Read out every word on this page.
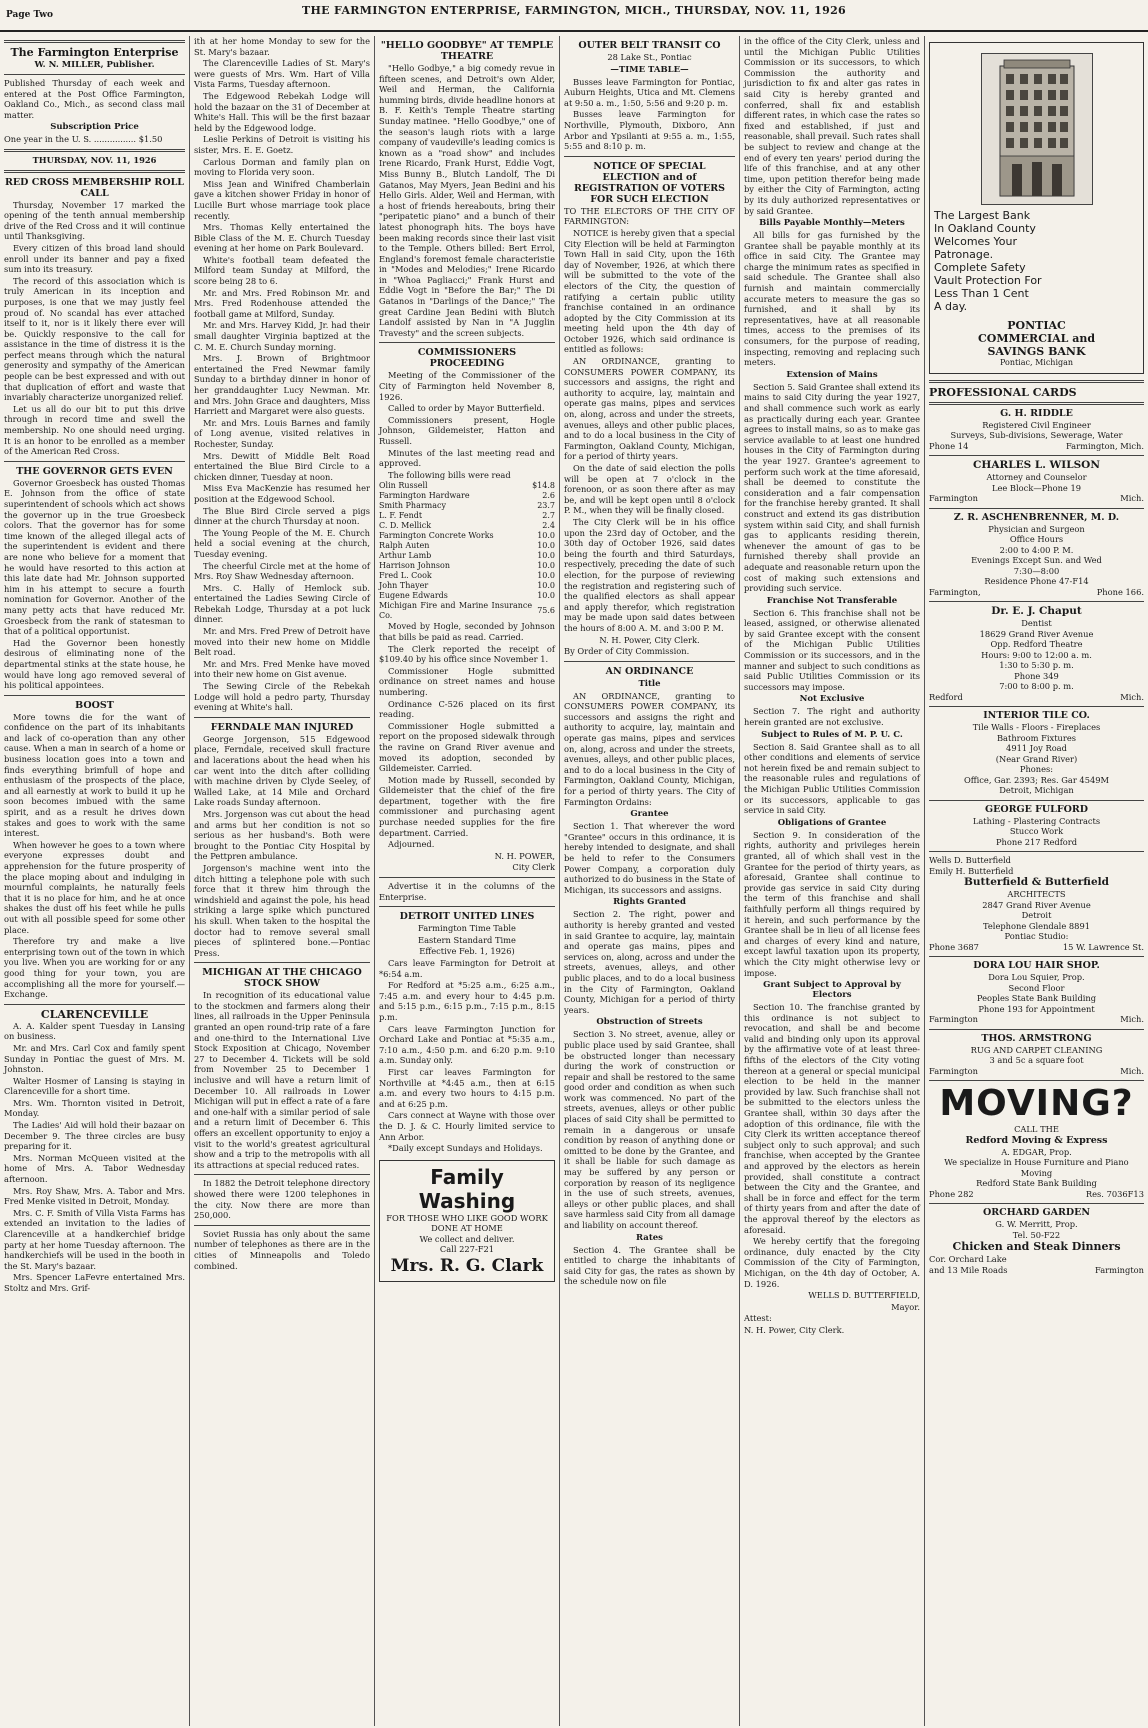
Page Two	THE FARMINGTON ENTERPRISE, FARMINGTON, MICH., THURSDAY, NOV. 11, 1926
The Farmington Enterprise
W. N. MILLER, Publisher.

Published Thursday of each week and entered at the Post Office Farmington, Oakland Co., Mich., as second class mail matter.

Subscription Price

One year in the U. S. ................ $1.50

THURSDAY, NOV. 11, 1926

RED CROSS MEMBERSHIP ROLL CALL

Thursday, November 17 marked the opening of the tenth annual membership drive of the Red Cross and it will continue until Thanksgiving.

Every citizen of this broad land should enroll under its banner and pay a fixed sum into its treasury.

The record of this association which is truly American in its inception and purposes, is one that we may justly feel proud of. No scandal has ever attached itself to it, nor is it likely there ever will be. Quickly responsive to the call for assistance in the time of distress it is the perfect means through which the natural generosity and sympathy of the American people can be best expressed and with out that duplication of effort and waste that invariably characterize unorganized relief.

Let us all do our bit to put this drive through in record time and swell the membership. No one should need urging. It is an honor to be enrolled as a member of the American Red Cross.

THE GOVERNOR GETS EVEN

Governor Groesbeck has ousted Thomas E. Johnson from the office of state superintendent of schools which act shows the governor up in the true Groesbeck colors. That the governor has for some time known of the alleged illegal acts of the superintendent is evident and there are none who believe for a moment that he would have resorted to this action at this late date had Mr. Johnson supported him in his attempt to secure a fourth nomination for Governor. Another of the many petty acts that have reduced Mr. Groesbeck from the rank of statesman to that of a political opportunist.

Had the Governor been honestly desirous of eliminating none of the departmental stinks at the state house, he would have long ago removed several of his political appointees.

BOOST

More towns die for the want of confidence on the part of its inhabitants and lack of co-operation than any other cause. When a man in search of a home or business location goes into a town and finds everything brimfull of hope and enthusiasm of the prospects of the place, and all earnestly at work to build it up he soon becomes imbued with the same spirit, and as a result he drives down stakes and goes to work with the same interest.

When however he goes to a town where everyone expresses doubt and apprehension for the future prosperity of the place moping about and indulging in mournful complaints, he naturally feels that it is no place for him, and he at once shakes the dust off his feet while he pulls out with all possible speed for some other place.

Therefore try and make a live enterprising town out of the town in which you live. When you are working for or any good thing for your town, you are accomplishing all the more for yourself.—Exchange.

CLARENCEVILLE

A. A. Kalder spent Tuesday in Lansing on business.

Mr. and Mrs. Carl Cox and family spent Sunday in Pontiac the guest of Mrs. M. Johnston.

Walter Hosmer of Lansing is staying in Clarenceville for a short time.

Mrs. Wm. Thornton visited in Detroit, Monday.

The Ladies' Aid will hold their bazaar on December 9. The three circles are busy preparing for it.

Mrs. Norman McQueen visited at the home of Mrs. A. Tabor Wednesday afternoon.

Mrs. Roy Shaw, Mrs. A. Tabor and Mrs. Fred Menke visited in Detroit, Monday.

Mrs. C. F. Smith of Villa Vista Farms has extended an invitation to the ladies of Clarenceville at a handkerchief bridge party at her home Tuesday afternoon. The handkerchiefs will be used in the booth in the St. Mary's bazaar.

Mrs. Spencer LaFevre entertained Mrs. Stoltz and Mrs. Grif-

ith at her home Monday to sew for the St. Mary's bazaar.

The Clarenceville Ladies of St. Mary's were guests of Mrs. Wm. Hart of Villa Vista Farms, Tuesday afternoon.

The Edgewood Rebekah Lodge will hold the bazaar on the 31 of December at White's Hall. This will be the first bazaar held by the Edgewood lodge.

Leslie Perkins of Detroit is visiting his sister, Mrs. E. E. Goetz.

Carlous Dorman and family plan on moving to Florida very soon.

Miss Jean and Winifred Chamberlain gave a kitchen shower Friday in honor of Lucille Burt whose marriage took place recently.

Mrs. Thomas Kelly entertained the Bible Class of the M. E. Church Tuesday evening at her home on Park Boulevard.

White's football team defeated the Milford team Sunday at Milford, the score being 28 to 6.

Mr. and Mrs. Fred Robinson Mr. and Mrs. Fred Rodenhouse attended the football game at Milford, Sunday.

Mr. and Mrs. Harvey Kidd, Jr. had their small daughter Virginia baptized at the C. M. E. Church Sunday morning.

Mrs. J. Brown of Brightmoor entertained the Fred Newmar family Sunday to a birthday dinner in honor of her granddaughter Lucy Newman. Mr. and Mrs. John Grace and daughters, Miss Harriett and Margaret were also guests.

Mr. and Mrs. Louis Barnes and family of Long avenue, visited relatives in Rochester, Sunday.

Mrs. Dewitt of Middle Belt Road entertained the Blue Bird Circle to a chicken dinner, Tuesday at noon.

Miss Eva MacKenzie has resumed her position at the Edgewood School.

The Blue Bird Circle served a pigs dinner at the church Thursday at noon.

The Young People of the M. E. Church held a social evening at the church, Tuesday evening.

The cheerful Circle met at the home of Mrs. Roy Shaw Wednesday afternoon.

Mrs. C. Hally of Hemlock sub. entertained the Ladies Sewing Circle of Rebekah Lodge, Thursday at a pot luck dinner.

Mr. and Mrs. Fred Prew of Detroit have moved into their new home on Middle Belt road.

Mr. and Mrs. Fred Menke have moved into their new home on Gist avenue.

The Sewing Circle of the Rebekah Lodge will hold a pedro party, Thursday evening at White's hall.

FERNDALE MAN INJURED

George Jorgenson, 515 Edgewood place, Ferndale, received skull fracture and lacerations about the head when his car went into the ditch after colliding with machine driven by Clyde Seeley, of Walled Lake, at 14 Mile and Orchard Lake roads Sunday afternoon.

Mrs. Jorgenson was cut about the head and arms but her condition is not so serious as her husband's. Both were brought to the Pontiac City Hospital by the Pettpren ambulance.

Jorgenson's machine went into the ditch hitting a telephone pole with such force that it threw him through the windshield and against the pole, his head striking a large spike which punctured his skull. When taken to the hospital the doctor had to remove several small pieces of splintered bone.—Pontiac Press.

MICHIGAN AT THE CHICAGO STOCK SHOW

In recognition of its educational value to the stockmen and farmers along their lines, all railroads in the Upper Peninsula granted an open round-trip rate of a fare and one-third to the International Live Stock Exposition at Chicago, November 27 to December 4. Tickets will be sold from November 25 to December 1 inclusive and will have a return limit of December 10. All railroads in Lower Michigan will put in effect a rate of a fare and one-half with a similar period of sale and a return limit of December 6. This offers an excellent opportunity to enjoy a visit to the world's greatest agricultural show and a trip to the metropolis with all its attractions at special reduced rates.

In 1882 the Detroit telephone directory showed there were 1200 telephones in the city. Now there are more than 250,000.

Soviet Russia has only about the same number of telephones as there are in the cities of Minneapolis and Toledo combined.

"HELLO GOODBYE" AT TEMPLE THEATRE

"Hello Godbye," a big comedy revue in fifteen scenes, and Detroit's own Alder, Weil and Herman, the California humming birds, divide headline honors at B. F. Keith's Temple Theatre starting Sunday matinee. "Hello Goodbye," one of the season's laugh riots with a large company of vaudeville's leading comics is known as a "road show" and includes Irene Ricardo, Frank Hurst, Eddie Vogt, Miss Bunny B., Blutch Landolf, The Di Gatanos, May Myers, Jean Bedini and his Hello Girls. Alder, Weil and Herman, with a host of friends hereabouts, bring their "peripatetic piano" and a bunch of their latest phonograph hits. The boys have been making records since their last visit to the Temple. Others billed: Bert Errol, England's foremost female characteristie in "Modes and Melodies;" Irene Ricardo in "Whoa Pagliacci;" Frank Hurst and Eddie Vogt in "Before the Bar;" The Di Gatanos in "Darlings of the Dance;" The great Cardine Jean Bedini with Blutch Landolf assisted by Nan in "A Jugglin Travesty" and the screen subjects.

COMMISSIONERS PROCEEDING

Meeting of the Commissioner of the City of Farmington held November 8, 1926.

Called to order by Mayor Butterfield.

Commissioners present, Hogle Johnson, Gildemeister, Hatton and Russell.

Minutes of the last meeting read and approved.

The following bills were read

Olin Russell	$14.8
Farmington Hardware	2.6
Smith Pharmacy	23.7
L. F. Fendt	2.7
C. D. Mellick	2.4
Farmington Concrete Works	10.0
Ralph Auten	10.0
Arthur Lamb	10.0
Harrison Johnson	10.0
Fred L. Cook	10.0
John Thayer	10.0
Eugene Edwards	10.0
Michigan Fire and Marine Insurance Co.	75.6

Moved by Hogle, seconded by Johnson that bills be paid as read. Carried.

The Clerk reported the receipt of $109.40 by his office since November 1.

Commissioner Hogle submitted ordinance on street names and house numbering.

Ordinance C-526 placed on its first reading.

Commissioner Hogle submitted a report on the proposed sidewalk through the ravine on Grand River avenue and moved its adoption, seconded by Gildemeister. Carried.

Motion made by Russell, seconded by Gildemeister that the chief of the fire department, together with the fire commissioner and purchasing agent purchase needed supplies for the fire department. Carried.

Adjourned.

N. H. POWER,

City Clerk

Advertise it in the columns of the Enterprise.

DETROIT UNITED LINES

Farmington Time Table

Eastern Standard Time

Effective Feb. 1, 1926)

Cars leave Farmington for Detroit at *6:54 a.m.

For Redford at *5:25 a.m., 6:25 a.m., 7:45 a.m. and every hour to 4:45 p.m. and 5:15 p.m., 6:15 p.m., 7:15 p.m., 8:15 p.m.

Cars leave Farmington Junction for Orchard Lake and Pontiac at *5:35 a.m., 7:10 a.m., 4:50 p.m. and 6:20 p.m. 9:10 a.m. Sunday only.

First car leaves Farmington for Northville at *4:45 a.m., then at 6:15 a.m. and every two hours to 4:15 p.m. and at 6:25 p.m.

Cars connect at Wayne with those over the D. J. & C. Hourly limited service to Ann Arbor.

*Daily except Sundays and Holidays.

Family Washing
FOR THOSE WHO LIKE GOOD WORK
DONE AT HOME
We collect and deliver.
Call 227-F21
Mrs. R. G. Clark
OUTER BELT TRANSIT CO

28 Lake St., Pontiac

—TIME TABLE—

Busses leave Farmington for Pontiac, Auburn Heights, Utica and Mt. Clemens at 9:50 a. m., 1:50, 5:56 and 9:20 p. m.

Busses leave Farmington for Northville, Plymouth, Dixboro, Ann Arbor and Ypsilanti at 9:55 a. m., 1:55, 5:55 and 8:10 p. m.

NOTICE OF SPECIAL ELECTION and of REGISTRATION OF VOTERS FOR SUCH ELECTION

TO THE ELECTORS OF THE CITY OF FARMINGTON:

NOTICE is hereby given that a special City Election will be held at Farmington Town Hall in said City, upon the 16th day of November, 1926, at which there will be submitted to the vote of the electors of the City, the question of ratifying a certain public utility franchise contained in an ordinance adopted by the City Commission at its meeting held upon the 4th day of October 1926, which said ordinance is entitled as follows:

AN ORDINANCE, granting to CONSUMERS POWER COMPANY, its successors and assigns, the right and authority to acquire, lay, maintain and operate gas mains, pipes and services on, along, across and under the streets, avenues, alleys and other public places, and to do a local business in the City of Farmington, Oakland County, Michigan, for a period of thirty years.

On the date of said election the polls will be open at 7 o'clock in the forenoon, or as soon there after as may be, and will be kept open until 8 o'clock P. M., when they will be finally closed.

The City Clerk will be in his office upon the 23rd day of October, and the 30th day of October 1926, said dates being the fourth and third Saturdays, respectively, preceding the date of such election, for the purpose of reviewing the registration and registering such of the qualified electors as shall appear and apply therefor, which registration may be made upon said dates between the hours of 8:00 A. M. and 3:00 P. M.

N. H. Power, City Clerk.

By Order of City Commission.

AN ORDINANCE
Title

AN ORDINANCE, granting to CONSUMERS POWER COMPANY, its successors and assigns the right and authority to acquire, lay, maintain and operate gas mains, pipes and services on, along, across and under the streets, avenues, alleys, and other public places, and to do a local business in the City of Farmington, Oakland County, Michigan, for a period of thirty years. The City of Farmington Ordains:

Grantee

Section 1. That wherever the word "Grantee" occurs in this ordinance, it is hereby intended to designate, and shall be held to refer to the Consumers Power Company, a corporation duly authorized to do business in the State of Michigan, its successors and assigns.

Rights Granted

Section 2. The right, power and authority is hereby granted and vested in said Grantee to acquire, lay, maintain and operate gas mains, pipes and services on, along, across and under the streets, avenues, alleys, and other public places, and to do a local business in the City of Farmington, Oakland County, Michigan for a period of thirty years.

Obstruction of Streets

Section 3. No street, avenue, alley or public place used by said Grantee, shall be obstructed longer than necessary during the work of construction or repair and shall be restored to the same good order and condition as when such work was commenced. No part of the streets, avenues, alleys or other public places of said City shall be permitted to remain in a dangerous or unsafe condition by reason of anything done or omitted to be done by the Grantee, and it shall be liable for such damage as may be suffered by any person or corporation by reason of its negligence in the use of such streets, avenues, alleys or other public places, and shall save harmless said City from all damage and liability on account thereof.

Rates

Section 4. The Grantee shall be entitled to charge the inhabitants of said City for gas, the rates as shown by the schedule now on file

in the office of the City Clerk, unless and until the Michigan Public Utilities Commission or its successors, to which Commission the authority and jurisdiction to fix and alter gas rates in said City is hereby granted and conferred, shall fix and establish different rates, in which case the rates so fixed and established, if just and reasonable, shall prevail. Such rates shall be subject to review and change at the end of every ten years' period during the life of this franchise, and at any other time, upon petition therefor being made by either the City of Farmington, acting by its duly authorized representatives or by said Grantee.

Bills Payable Monthly—Meters

All bills for gas furnished by the Grantee shall be payable monthly at its office in said City. The Grantee may charge the minimum rates as specified in said schedule. The Grantee shall also furnish and maintain commercially accurate meters to measure the gas so furnished, and it shall by its representatives, have at all reasonable times, access to the premises of its consumers, for the purpose of reading, inspecting, removing and replacing such meters.

Extension of Mains

Section 5. Said Grantee shall extend its mains to said City during the year 1927, and shall commence such work as early as practically during each year. Grantee agrees to install mains, so as to make gas service available to at least one hundred houses in the City of Farmington during the year 1927. Grantee's agreement to perform such work at the time aforesaid, shall be deemed to constitute the consideration and a fair compensation for the franchise hereby granted. It shall construct and extend its gas distribution system within said City, and shall furnish gas to applicants residing therein, whenever the amount of gas to be furnished thereby shall provide an adequate and reasonable return upon the cost of making such extensions and providing such service.

Franchise Not Transferable

Section 6. This franchise shall not be leased, assigned, or otherwise alienated by said Grantee except with the consent of the Michigan Public Utilities Commission or its successors, and in the manner and subject to such conditions as said Public Utilities Commission or its successors may impose.

Not Exclusive

Section 7. The right and authority herein granted are not exclusive.

Subject to Rules of M. P. U. C.

Section 8. Said Grantee shall as to all other conditions and elements of service not herein fixed be and remain subject to the reasonable rules and regulations of the Michigan Public Utilities Commission or its successors, applicable to gas service in said City.

Obligations of Grantee

Section 9. In consideration of the rights, authority and privileges herein granted, all of which shall vest in the Grantee for the period of thirty years, as aforesaid, Grantee shall continue to provide gas service in said City during the term of this franchise and shall faithfully perform all things required by it herein, and such performance by the Grantee shall be in lieu of all license fees and charges of every kind and nature, except lawful taxation upon its property, which the City might otherwise levy or impose.

Grant Subject to Approval by Electors

Section 10. The franchise granted by this ordinance is not subject to revocation, and shall be and become valid and binding only upon its approval by the affirmative vote of at least three-fifths of the electors of the City voting thereon at a general or special municipal election to be held in the manner provided by law. Such franchise shall not be submitted to the electors unless the Grantee shall, within 30 days after the adoption of this ordinance, file with the City Clerk its written acceptance thereof subject only to such approval; and such franchise, when accepted by the Grantee and approved by the electors as herein provided, shall constitute a contract between the City and the Grantee, and shall be in force and effect for the term of thirty years from and after the date of the approval thereof by the electors as aforesaid.

We hereby certify that the foregoing ordinance, duly enacted by the City Commission of the City of Farmington, Michigan, on the 4th day of October, A. D. 1926.

WELLS D. BUTTERFIELD,

Mayor.

Attest:

N. H. Power, City Clerk.

The Largest Bank
In Oakland County
Welcomes Your
Patronage.
Complete Safety
Vault Protection For
Less Than 1 Cent
A day.
PONTIAC
COMMERCIAL and
SAVINGS BANK
Pontiac, Michigan
PROFESSIONAL CARDS
G. H. RIDDLE
Registered Civil Engineer
Surveys, Sub-divisions, Sewerage, Water
Phone 14	Farmington, Mich.
CHARLES L. WILSON
Attorney and Counselor
Lee Block—Phone 19
Farmington	Mich.
Z. R. ASCHENBRENNER, M. D.
Physician and Surgeon
Office Hours
2:00 to 4:00 P. M.
Evenings Except Sun. and Wed
7:30—8:00
Residence Phone 47-F14
Farmington,	Phone 166.
Dr. E. J. Chaput
Dentist
18629 Grand River Avenue
Opp. Redford Theatre
Hours: 9:00 to 12:00 a. m.
1:30 to 5:30 p. m.
Phone 349
7:00 to 8:00 p. m.
Redford	Mich.
INTERIOR TILE CO.
Tile Walls - Floors - Fireplaces
Bathroom Fixtures
4911 Joy Road
(Near Grand River)
Phones:
Office, Gar. 2393; Res. Gar 4549M
Detroit, Michigan
GEORGE FULFORD
Lathing - Plastering Contracts
Stucco Work
Phone 217 Redford
Wells D. Butterfield
Emily H. Butterfield
Butterfield & Butterfield
ARCHITECTS
2847 Grand River Avenue
Detroit
Telephone Glendale 8891
Pontiac Studio:
Phone 3687	15 W. Lawrence St.
DORA LOU HAIR SHOP.
Dora Lou Squier, Prop.
Second Floor
Peoples State Bank Building
Phone 193 for Appointment
Farmington	Mich.
THOS. ARMSTRONG
RUG AND CARPET CLEANING
3 and 5c a square foot
Farmington	Mich.
MOVING?
CALL THE
Redford Moving & Express
A. EDGAR, Prop.
We specialize in House Furniture and Piano Moving
Redford State Bank Building
Phone 282	Res. 7036F13
ORCHARD GARDEN
G. W. Merritt, Prop.
Tel. 50-F22
Chicken and Steak Dinners
Cor. Orchard Lake
and 13 Mile Roads	Farmington
